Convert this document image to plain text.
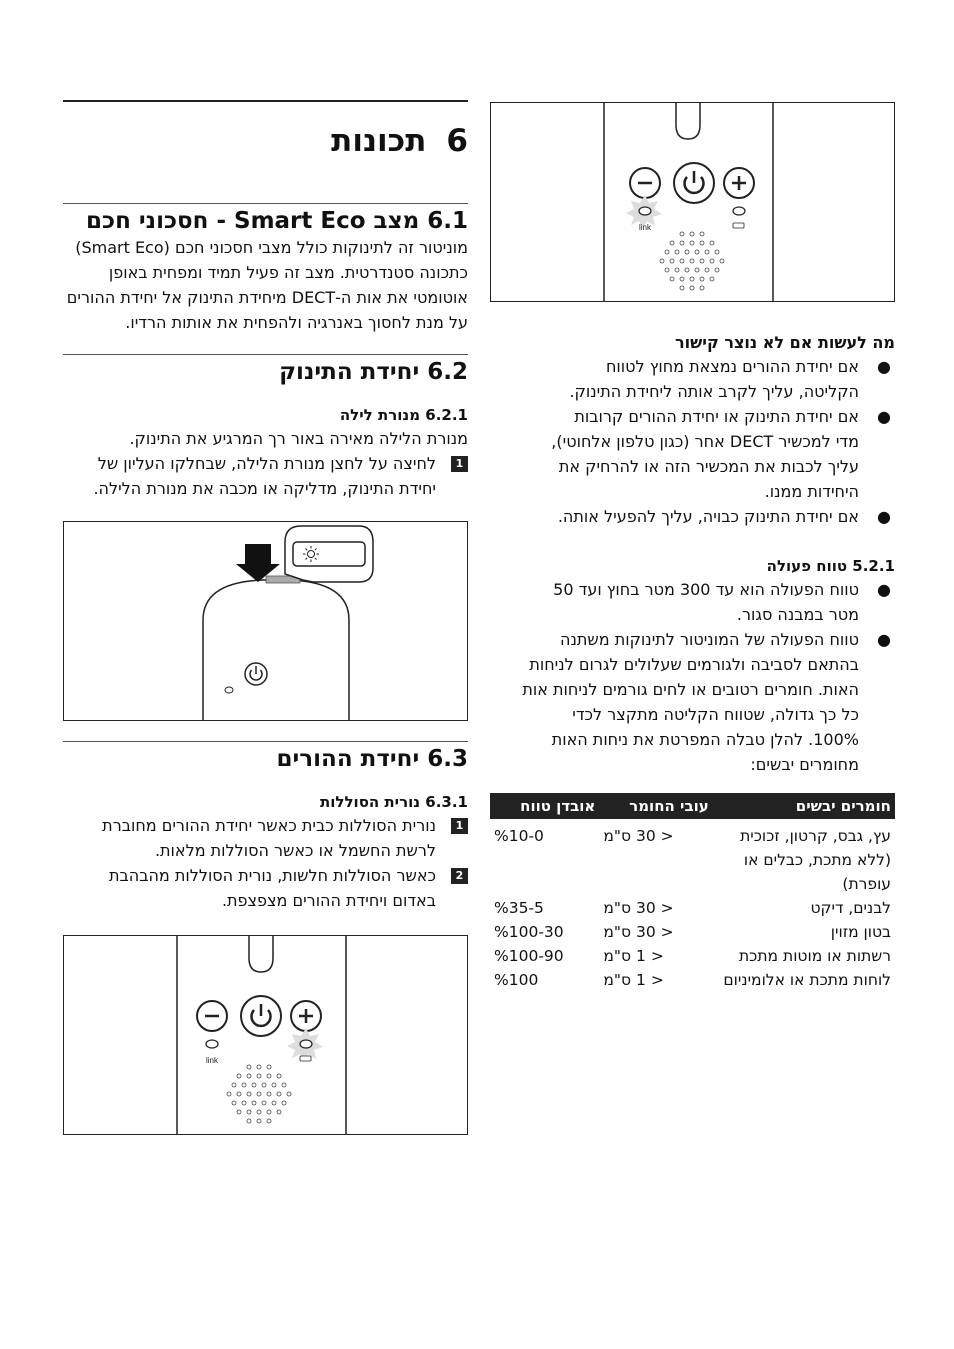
6
תכונות
6.1 מצב Smart Eco - חסכוני חכם

מוניטור זה לתינוקות כולל מצבי חסכוני חכם (Smart Eco) כתכונה סטנדרטית. מצב זה פעיל תמיד ומפחית באופן אוטומטי את אות ה-DECT מיחידת התינוק אל יחידת ההורים על מנת לחסוך באנרגיה ולהפחית את אותות הרדיו.

6.2 יחידת התינוק
6.2.1 מנורת לילה

מנורת הלילה מאירה באור רך המרגיע את התינוק.

1
לחיצה על לחצן מנורת הלילה, שבחלקו העליון של יחידת התינוק, מדליקה או מכבה את מנורת הלילה.
6.3 יחידת ההורים
6.3.1 נורית הסוללות
1
נורית הסוללות כבית כאשר יחידת ההורים מחוברת לרשת החשמל או כאשר הסוללות מלאות.
2
כאשר הסוללות חלשות, נורית הסוללות מהבהבת באדום ויחידת ההורים מצפצפת.
link
link
מה לעשות אם לא נוצר קישור
●
אם יחידת ההורים נמצאת מחוץ לטווח הקליטה, עליך לקרב אותה ליחידת התינוק.
●
אם יחידת התינוק או יחידת ההורים קרובות מדי למכשיר DECT אחר (כגון טלפון אלחוטי), עליך לכבות את המכשיר הזה או להרחיק את היחידות ממנו.
●
אם יחידת התינוק כבויה, עליך להפעיל אותה.
5.2.1 טווח פעולה
●
טווח הפעולה הוא עד 300 מטר בחוץ ועד 50 מטר במבנה סגור.
●
טווח הפעולה של המוניטור לתינוקות משתנה בהתאם לסביבה ולגורמים שעלולים לגרום לניחות האות. חומרים רטובים או לחים גורמים לניחות אות כל כך גדולה, שטווח הקליטה מתקצר לכדי 100%. להלן טבלה המפרטת את ניחות האות מחומרים יבשים:
חומרים יבשים	עובי החומר	אובדן טווח
עץ, גבס, קרטון, זכוכית (ללא מתכת, כבלים או עופרת)	< 30 ס"מ	%10-0
לבנים, דיקט	< 30 ס"מ	%35-5
בטון מזוין	< 30 ס"מ	%100-30
רשתות או מוטות מתכת	< 1 ס"מ	%100-90
לוחות מתכת או אלומיניום	< 1 ס"מ	%100
